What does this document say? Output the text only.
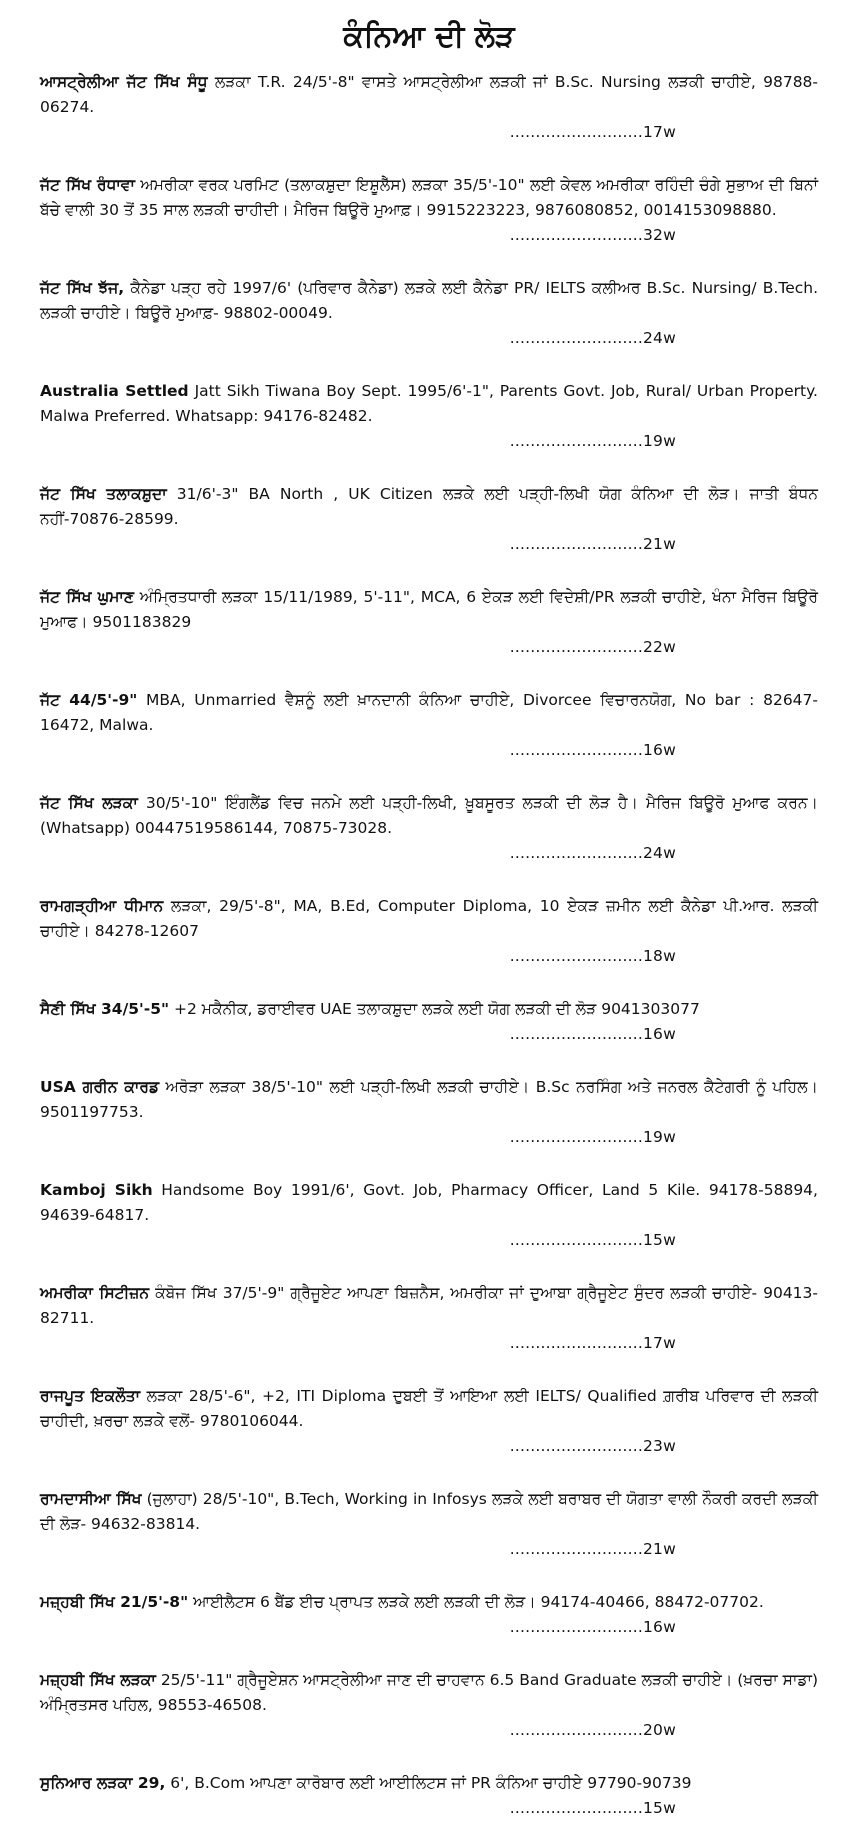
ਕੰਨਿਆ ਦੀ ਲੋੜ
ਆਸਟ੍ਰੇਲੀਆ ਜੱਟ ਸਿੱਖ ਸੰਧੂ ਲੜਕਾ T.R. 24/5'-8" ਵਾਸਤੇ ਆਸਟ੍ਰੇਲੀਆ ਲੜਕੀ ਜਾਂ B.Sc. Nursing ਲੜਕੀ ਚਾਹੀਏ, 98788-06274.
..........................17w
ਜੱਟ ਸਿੱਖ ਰੰਧਾਵਾ ਅਮਰੀਕਾ ਵਰਕ ਪਰਮਿਟ (ਤਲਾਕਸ਼ੁਦਾ ਇਸ਼ੂਲੈੱਸ) ਲੜਕਾ 35/5'-10" ਲਈ ਕੇਵਲ ਅਮਰੀਕਾ ਰਹਿੰਦੀ ਚੰਗੇ ਸੁਭਾਅ ਦੀ ਬਿਨਾਂ ਬੱਚੇ ਵਾਲੀ 30 ਤੋਂ 35 ਸਾਲ ਲੜਕੀ ਚਾਹੀਦੀ। ਮੈਰਿਜ ਬਿਊਰੋ ਮੁਆਫ਼। 9915223223, 9876080852, 0014153098880.
..........................32w
ਜੱਟ ਸਿੱਖ ਝੱਜ, ਕੈਨੇਡਾ ਪੜ੍ਹ ਰਹੇ 1997/6' (ਪਰਿਵਾਰ ਕੈਨੇਡਾ) ਲੜਕੇ ਲਈ ਕੈਨੇਡਾ PR/ IELTS ਕਲੀਅਰ B.Sc. Nursing/ B.Tech. ਲੜਕੀ ਚਾਹੀਏ। ਬਿਊਰੋ ਮੁਆਫ਼- 98802-00049.
..........................24w
Australia Settled Jatt Sikh Tiwana Boy Sept. 1995/6'-1", Parents Govt. Job, Rural/ Urban Property. Malwa Preferred. Whatsapp: 94176-82482.
..........................19w
ਜੱਟ ਸਿੱਖ ਤਲਾਕਸ਼ੁਦਾ 31/6'-3" BA North , UK Citizen ਲੜਕੇ ਲਈ ਪੜ੍ਹੀ-ਲਿਖੀ ਯੋਗ ਕੰਨਿਆ ਦੀ ਲੋੜ। ਜਾਤੀ ਬੰਧਨ ਨਹੀਂ-70876-28599.
..........................21w
ਜੱਟ ਸਿੱਖ ਘੁਮਾਣ ਅੰਮ੍ਰਿਤਧਾਰੀ ਲੜਕਾ 15/11/1989, 5'-11", MCA, 6 ਏਕੜ ਲਈ ਵਿਦੇਸ਼ੀ/PR ਲੜਕੀ ਚਾਹੀਏ, ਖੰਨਾ ਮੈਰਿਜ ਬਿਊਰੋ ਮੁਆਫ। 9501183829
..........................22w
ਜੱਟ 44/5'-9" MBA, Unmarried ਵੈਸ਼ਨੂੰ ਲਈ ਖ਼ਾਨਦਾਨੀ ਕੰਨਿਆ ਚਾਹੀਏ, Divorcee ਵਿਚਾਰਨਯੋਗ, No bar : 82647-16472, Malwa.
..........................16w
ਜੱਟ ਸਿੱਖ ਲੜਕਾ 30/5'-10" ਇੰਗਲੈਂਡ ਵਿਚ ਜਨਮੇ ਲਈ ਪੜ੍ਹੀ-ਲਿਖੀ, ਖ਼ੂਬਸੂਰਤ ਲੜਕੀ ਦੀ ਲੋੜ ਹੈ। ਮੈਰਿਜ ਬਿਊਰੋ ਮੁਆਫ ਕਰਨ। (Whatsapp) 00447519586144, 70875-73028.
..........................24w
ਰਾਮਗੜ੍ਹੀਆ ਧੀਮਾਨ ਲੜਕਾ, 29/5'-8", MA, B.Ed, Computer Diploma, 10 ਏਕੜ ਜ਼ਮੀਨ ਲਈ ਕੈਨੇਡਾ ਪੀ.ਆਰ. ਲੜਕੀ ਚਾਹੀਏ। 84278-12607
..........................18w
ਸੈਣੀ ਸਿੱਖ 34/5'-5" +2 ਮਕੈਨੀਕ, ਡਰਾਈਵਰ UAE ਤਲਾਕਸ਼ੁਦਾ ਲੜਕੇ ਲਈ ਯੋਗ ਲੜਕੀ ਦੀ ਲੋੜ 9041303077
..........................16w
USA ਗਰੀਨ ਕਾਰਡ ਅਰੋੜਾ ਲੜਕਾ 38/5'-10" ਲਈ ਪੜ੍ਹੀ-ਲਿਖੀ ਲੜਕੀ ਚਾਹੀਏ। B.Sc ਨਰਸਿੰਗ ਅਤੇ ਜਨਰਲ ਕੈਟੇਗਰੀ ਨੂੰ ਪਹਿਲ। 9501197753.
..........................19w
Kamboj Sikh Handsome Boy 1991/6', Govt. Job, Pharmacy Officer, Land 5 Kile. 94178-58894, 94639-64817.
..........................15w
ਅਮਰੀਕਾ ਸਿਟੀਜ਼ਨ ਕੰਬੋਜ ਸਿੱਖ 37/5'-9" ਗ੍ਰੈਜੂਏਟ ਆਪਣਾ ਬਿਜ਼ਨੈਸ, ਅਮਰੀਕਾ ਜਾਂ ਦੁਆਬਾ ਗ੍ਰੈਜੂਏਟ ਸੁੰਦਰ ਲੜਕੀ ਚਾਹੀਏ- 90413-82711.
..........................17w
ਰਾਜਪੂਤ ਇਕਲੌਤਾ ਲੜਕਾ 28/5'-6", +2, ITI Diploma ਦੁਬਈ ਤੋਂ ਆਇਆ ਲਈ IELTS/ Qualified ਗ਼ਰੀਬ ਪਰਿਵਾਰ ਦੀ ਲੜਕੀ ਚਾਹੀਦੀ, ਖ਼ਰਚਾ ਲੜਕੇ ਵਲੋਂ- 9780106044.
..........................23w
ਰਾਮਦਾਸੀਆ ਸਿੱਖ (ਜੁਲਾਹਾ) 28/5'-10", B.Tech, Working in Infosys ਲੜਕੇ ਲਈ ਬਰਾਬਰ ਦੀ ਯੋਗਤਾ ਵਾਲੀ ਨੌਕਰੀ ਕਰਦੀ ਲੜਕੀ ਦੀ ਲੋੜ- 94632-83814.
..........................21w
ਮਜ਼੍ਹਬੀ ਸਿੱਖ 21/5'-8" ਆਈਲੈਟਸ 6 ਬੈਂਡ ਈਚ ਪ੍ਰਾਪਤ ਲੜਕੇ ਲਈ ਲੜਕੀ ਦੀ ਲੋੜ। 94174-40466, 88472-07702.
..........................16w
ਮਜ਼੍ਹਬੀ ਸਿੱਖ ਲੜਕਾ 25/5'-11" ਗ੍ਰੈਜੂਏਸ਼ਨ ਆਸਟ੍ਰੇਲੀਆ ਜਾਣ ਦੀ ਚਾਹਵਾਨ 6.5 Band Graduate ਲੜਕੀ ਚਾਹੀਏ। (ਖ਼ਰਚਾ ਸਾਡਾ) ਅੰਮ੍ਰਿਤਸਰ ਪਹਿਲ, 98553-46508.
..........................20w
ਸੁਨਿਆਰ ਲੜਕਾ 29, 6', B.Com ਆਪਣਾ ਕਾਰੋਬਾਰ ਲਈ ਆਈਲਿਟਸ ਜਾਂ PR ਕੰਨਿਆ ਚਾਹੀਏ 97790-90739
..........................15w
